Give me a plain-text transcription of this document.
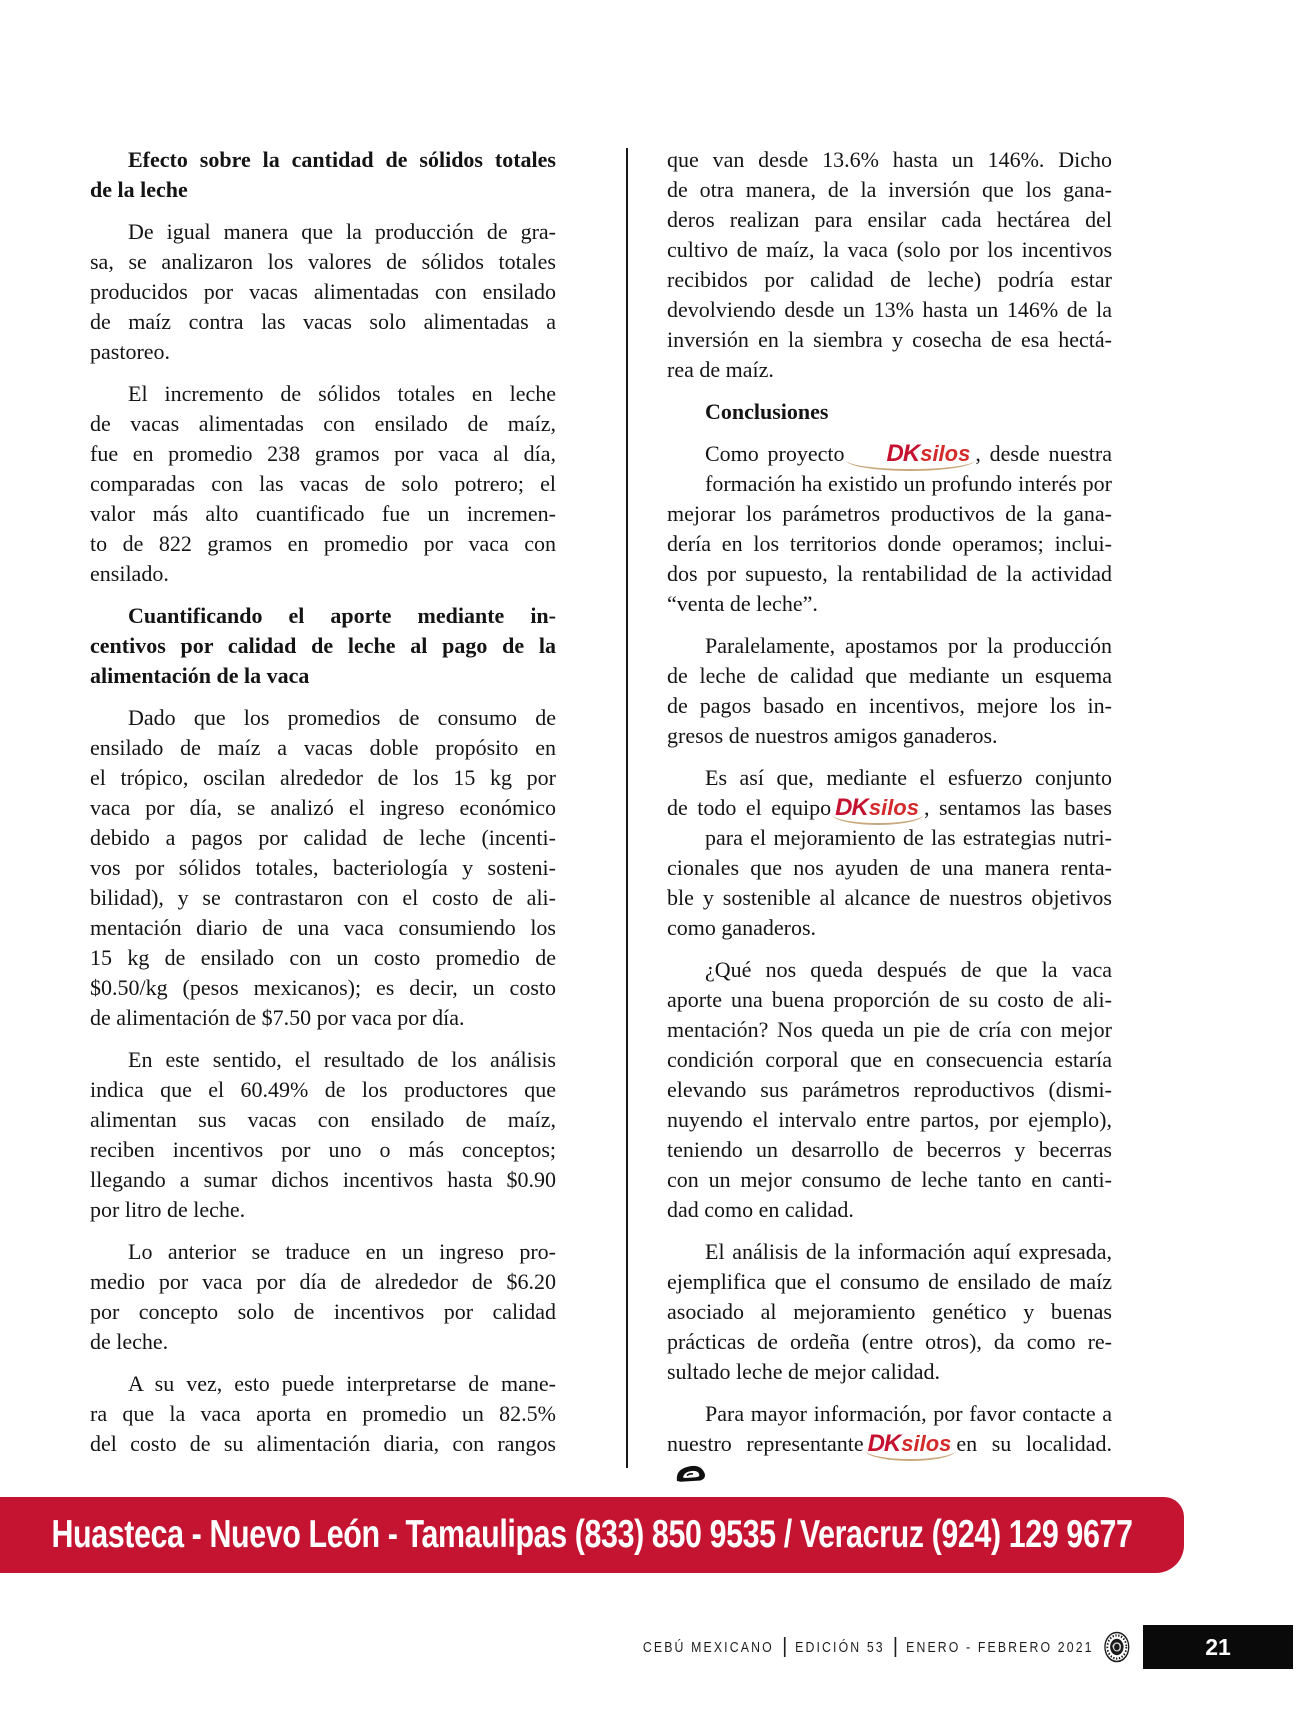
Efecto sobre la cantidad de sólidos totales
de la leche
De igual manera que la producción de gra-
sa, se analizaron los valores de sólidos totales
producidos por vacas alimentadas con ensilado
de maíz contra las vacas solo alimentadas a
pastoreo.
El incremento de sólidos totales en leche
de vacas alimentadas con ensilado de maíz,
fue en promedio 238 gramos por vaca al día,
comparadas con las vacas de solo potrero; el
valor más alto cuantificado fue un incremen-
to de 822 gramos en promedio por vaca con
ensilado.
Cuantificando el aporte mediante in-
centivos por calidad de leche al pago de la
alimentación de la vaca
Dado que los promedios de consumo de
ensilado de maíz a vacas doble propósito en
el trópico, oscilan alrededor de los 15 kg por
vaca por día, se analizó el ingreso económico
debido a pagos por calidad de leche (incenti-
vos por sólidos totales, bacteriología y sosteni-
bilidad), y se contrastaron con el costo de ali-
mentación diario de una vaca consumiendo los
15 kg de ensilado con un costo promedio de
$0.50/kg (pesos mexicanos); es decir, un costo
de alimentación de $7.50 por vaca por día.
En este sentido, el resultado de los análisis
indica que el 60.49% de los productores que
alimentan sus vacas con ensilado de maíz,
reciben incentivos por uno o más conceptos;
llegando a sumar dichos incentivos hasta $0.90
por litro de leche.
Lo anterior se traduce en un ingreso pro-
medio por vaca por día de alrededor de $6.20
por concepto solo de incentivos por calidad
de leche.
A su vez, esto puede interpretarse de mane-
ra que la vaca aporta en promedio un 82.5%
del costo de su alimentación diaria, con rangos
que van desde 13.6% hasta un 146%. Dicho
de otra manera, de la inversión que los gana-
deros realizan para ensilar cada hectárea del
cultivo de maíz, la vaca (solo por los incentivos
recibidos por calidad de leche) podría estar
devolviendo desde un 13% hasta un 146% de la
inversión en la siembra y cosecha de esa hectá-
rea de maíz.
Conclusiones
Como proyecto DKsilos , desde nuestra
formación ha existido un profundo interés por
mejorar los parámetros productivos de la gana-
dería en los territorios donde operamos; inclui-
dos por supuesto, la rentabilidad de la actividad
“venta de leche”.
Paralelamente, apostamos por la producción
de leche de calidad que mediante un esquema
de pagos basado en incentivos, mejore los in-
gresos de nuestros amigos ganaderos.
Es así que, mediante el esfuerzo conjunto
de todo el equipo DKsilos , sentamos las bases
para el mejoramiento de las estrategias nutri-
cionales que nos ayuden de una manera renta-
ble y sostenible al alcance de nuestros objetivos
como ganaderos.
¿Qué nos queda después de que la vaca
aporte una buena proporción de su costo de ali-
mentación? Nos queda un pie de cría con mejor
condición corporal que en consecuencia estaría
elevando sus parámetros reproductivos (dismi-
nuyendo el intervalo entre partos, por ejemplo),
teniendo un desarrollo de becerros y becerras
con un mejor consumo de leche tanto en canti-
dad como en calidad.
El análisis de la información aquí expresada,
ejemplifica que el consumo de ensilado de maíz
asociado al mejoramiento genético y buenas
prácticas de ordeña (entre otros), da como re-
sultado leche de mejor calidad.
Para mayor información, por favor contacte a
nuestro representante DKsilos en su localidad.
Huasteca - Nuevo León - Tamaulipas (833) 850 9535 / Veracruz (924) 129 9677
CEBÚ MEXICANO EDICIÓN 53 ENERO - FEBRERO 2021	21
